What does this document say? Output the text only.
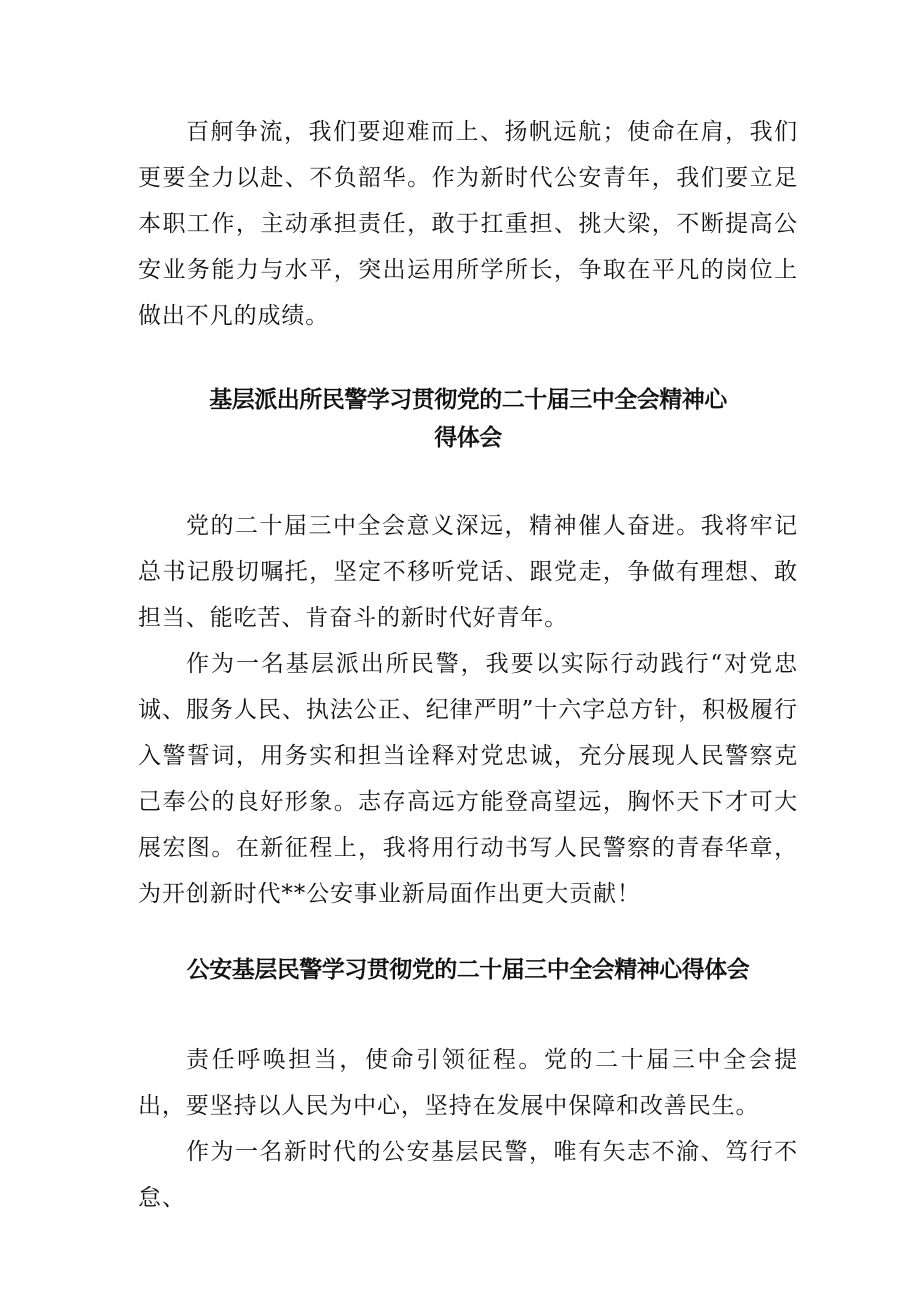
百舸争流，我们要迎难而上、扬帆远航；使命在肩，我们更要全力以赴、不负韶华。作为新时代公安青年，我们要立足本职工作，主动承担责任，敢于扛重担、挑大梁，不断提高公安业务能力与水平，突出运用所学所长，争取在平凡的岗位上做出不凡的成绩。

基层派出所民警学习贯彻党的二十届三中全会精神心
得体会

党的二十届三中全会意义深远，精神催人奋进。我将牢记总书记殷切嘱托，坚定不移听党话、跟党走，争做有理想、敢担当、能吃苦、肯奋斗的新时代好青年。

作为一名基层派出所民警，我要以实际行动践行“对党忠诚、服务人民、执法公正、纪律严明”十六字总方针，积极履行入警誓词，用务实和担当诠释对党忠诚，充分展现人民警察克己奉公的良好形象。志存高远方能登高望远，胸怀天下才可大展宏图。在新征程上，我将用行动书写人民警察的青春华章，为开创新时代**公安事业新局面作出更大贡献！

公安基层民警学习贯彻党的二十届三中全会精神心得体会

责任呼唤担当，使命引领征程。党的二十届三中全会提出，要坚持以人民为中心，坚持在发展中保障和改善民生。

作为一名新时代的公安基层民警，唯有矢志不渝、笃行不怠、
